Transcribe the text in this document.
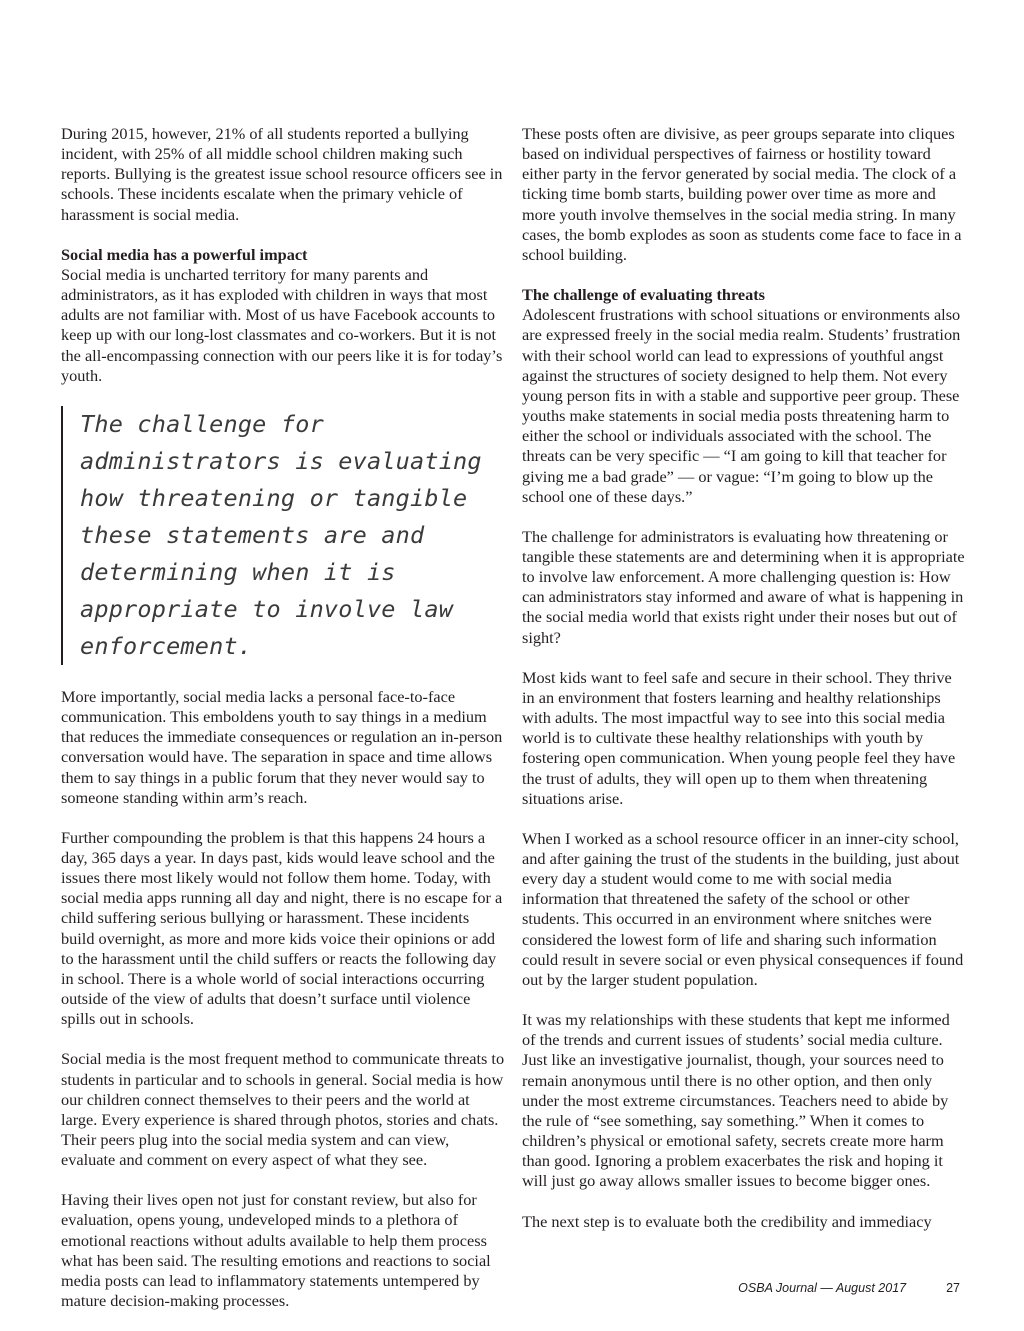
During 2015, however, 21% of all students reported a bullying incident, with 25% of all middle school children making such reports. Bullying is the greatest issue school resource officers see in schools. These incidents escalate when the primary vehicle of harassment is social media.

Social media has a powerful impact

Social media is uncharted territory for many parents and administrators, as it has exploded with children in ways that most adults are not familiar with. Most of us have Facebook accounts to keep up with our long-lost classmates and co-workers. But it is not the all-encompassing connection with our peers like it is for today’s youth.

The challenge for administrators is evaluating how threatening or tangible these statements are and determining when it is appropriate to involve law enforcement.

More importantly, social media lacks a personal face-to-face communication. This emboldens youth to say things in a medium that reduces the immediate consequences or regulation an in-person conversation would have. The separation in space and time allows them to say things in a public forum that they never would say to someone standing within arm’s reach.

Further compounding the problem is that this happens 24 hours a day, 365 days a year. In days past, kids would leave school and the issues there most likely would not follow them home. Today, with social media apps running all day and night, there is no escape for a child suffering serious bullying or harassment. These incidents build overnight, as more and more kids voice their opinions or add to the harassment until the child suffers or reacts the following day in school. There is a whole world of social interactions occurring outside of the view of adults that doesn’t surface until violence spills out in schools.

Social media is the most frequent method to communicate threats to students in particular and to schools in general. Social media is how our children connect themselves to their peers and the world at large. Every experience is shared through photos, stories and chats. Their peers plug into the social media system and can view, evaluate and comment on every aspect of what they see.

Having their lives open not just for constant review, but also for evaluation, opens young, undeveloped minds to a plethora of emotional reactions without adults available to help them process what has been said. The resulting emotions and reactions to social media posts can lead to inflammatory statements untempered by mature decision-making processes.

These posts often are divisive, as peer groups separate into cliques based on individual perspectives of fairness or hostility toward either party in the fervor generated by social media. The clock of a ticking time bomb starts, building power over time as more and more youth involve themselves in the social media string. In many cases, the bomb explodes as soon as students come face to face in a school building.

The challenge of evaluating threats

Adolescent frustrations with school situations or environments also are expressed freely in the social media realm. Students’ frustration with their school world can lead to expressions of youthful angst against the structures of society designed to help them. Not every young person fits in with a stable and supportive peer group. These youths make statements in social media posts threatening harm to either the school or individuals associated with the school. The threats can be very specific — “I am going to kill that teacher for giving me a bad grade” — or vague: “I’m going to blow up the school one of these days.”

The challenge for administrators is evaluating how threatening or tangible these statements are and determining when it is appropriate to involve law enforcement. A more challenging question is: How can administrators stay informed and aware of what is happening in the social media world that exists right under their noses but out of sight?

Most kids want to feel safe and secure in their school. They thrive in an environment that fosters learning and healthy relationships with adults. The most impactful way to see into this social media world is to cultivate these healthy relationships with youth by fostering open communication. When young people feel they have the trust of adults, they will open up to them when threatening situations arise.

When I worked as a school resource officer in an inner-city school, and after gaining the trust of the students in the building, just about every day a student would come to me with social media information that threatened the safety of the school or other students. This occurred in an environment where snitches were considered the lowest form of life and sharing such information could result in severe social or even physical consequences if found out by the larger student population.

It was my relationships with these students that kept me informed of the trends and current issues of students’ social media culture. Just like an investigative journalist, though, your sources need to remain anonymous until there is no other option, and then only under the most extreme circumstances. Teachers need to abide by the rule of “see something, say something.” When it comes to children’s physical or emotional safety, secrets create more harm than good. Ignoring a problem exacerbates the risk and hoping it will just go away allows smaller issues to become bigger ones.

The next step is to evaluate both the credibility and immediacy

OSBA Journal — August 2017	27
